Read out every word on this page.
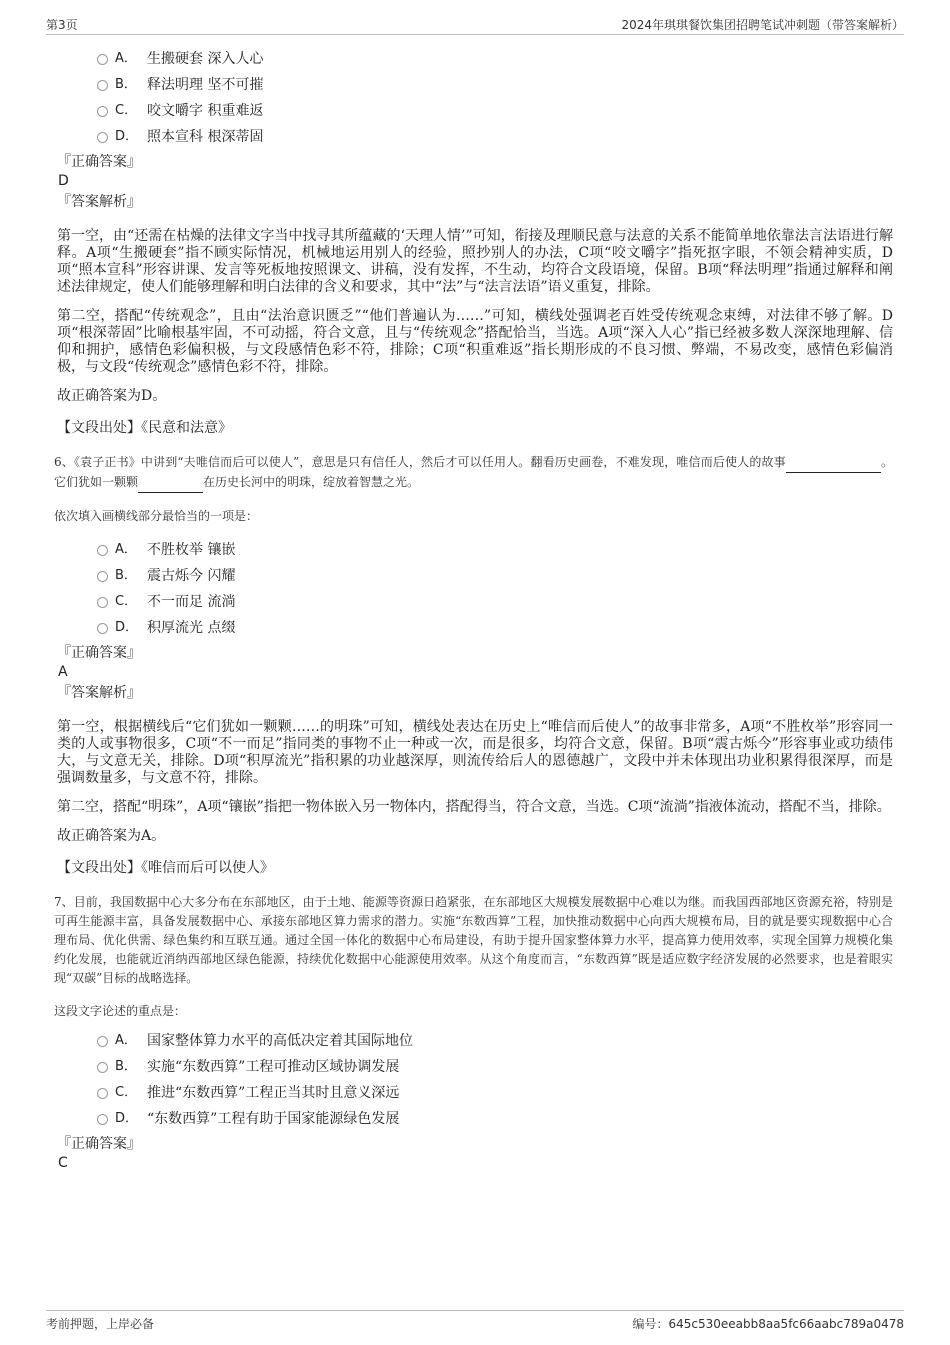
第3页	2024年琪琪餐饮集团招聘笔试冲刺题（带答案解析）
A． 生搬硬套 深入人心
B． 释法明理 坚不可摧
C． 咬文嚼字 积重难返
D． 照本宣科 根深蒂固
『正确答案』
D
『答案解析』

第一空，由“还需在枯燥的法律文字当中找寻其所蕴藏的‘天理人情’”可知，衔接及理顺民意与法意的关系不能简单地依靠法言法语进行解释。A项“生搬硬套”指不顾实际情况，机械地运用别人的经验，照抄别人的办法，C项“咬文嚼字”指死抠字眼，不领会精神实质，D项“照本宣科”形容讲课、发言等死板地按照课文、讲稿，没有发挥，不生动，均符合文段语境，保留。B项“释法明理”指通过解释和阐述法律规定，使人们能够理解和明白法律的含义和要求，其中“法”与“法言法语”语义重复，排除。

第二空，搭配“传统观念”，且由“法治意识匮乏”“他们普遍认为……”可知，横线处强调老百姓受传统观念束缚，对法律不够了解。D项“根深蒂固”比喻根基牢固，不可动摇，符合文意，且与“传统观念”搭配恰当，当选。A项“深入人心”指已经被多数人深深地理解、信仰和拥护，感情色彩偏积极，与文段感情色彩不符，排除；C项“积重难返”指长期形成的不良习惯、弊端，不易改变，感情色彩偏消极，与文段“传统观念”感情色彩不符，排除。

故正确答案为D。

【文段出处】《民意和法意》

6、《袁子正书》中讲到“夫唯信而后可以使人”，意思是只有信任人，然后才可以任用人。翻看历史画卷，不难发现，唯信而后使人的故事	。它们犹如一颗颗	在历史长河中的明珠，绽放着智慧之光。

依次填入画横线部分最恰当的一项是：

A． 不胜枚举 镶嵌
B． 震古烁今 闪耀
C． 不一而足 流淌
D． 积厚流光 点缀
『正确答案』
A
『答案解析』

第一空，根据横线后“它们犹如一颗颗……的明珠”可知，横线处表达在历史上“唯信而后使人”的故事非常多，A项“不胜枚举”形容同一类的人或事物很多，C项“不一而足”指同类的事物不止一种或一次，而是很多，均符合文意，保留。B项“震古烁今”形容事业或功绩伟大，与文意无关，排除。D项“积厚流光”指积累的功业越深厚，则流传给后人的恩德越广，文段中并未体现出功业积累得很深厚，而是强调数量多，与文意不符，排除。

第二空，搭配“明珠”，A项“镶嵌”指把一物体嵌入另一物体内，搭配得当，符合文意，当选。C项“流淌”指液体流动，搭配不当，排除。

故正确答案为A。

【文段出处】《唯信而后可以使人》

7、目前，我国数据中心大多分布在东部地区，由于土地、能源等资源日趋紧张，在东部地区大规模发展数据中心难以为继。而我国西部地区资源充裕，特别是可再生能源丰富，具备发展数据中心、承接东部地区算力需求的潜力。实施“东数西算”工程，加快推动数据中心向西大规模布局，目的就是要实现数据中心合理布局、优化供需、绿色集约和互联互通。通过全国一体化的数据中心布局建设，有助于提升国家整体算力水平，提高算力使用效率，实现全国算力规模化集约化发展，也能就近消纳西部地区绿色能源，持续优化数据中心能源使用效率。从这个角度而言，“东数西算”既是适应数字经济发展的必然要求，也是着眼实现“双碳”目标的战略选择。

这段文字论述的重点是：

A． 国家整体算力水平的高低决定着其国际地位
B． 实施“东数西算”工程可推动区域协调发展
C． 推进“东数西算”工程正当其时且意义深远
D． “东数西算”工程有助于国家能源绿色发展
『正确答案』
C
考前押题，上岸必备	编号：645c530eeabb8aa5fc66aabc789a0478
